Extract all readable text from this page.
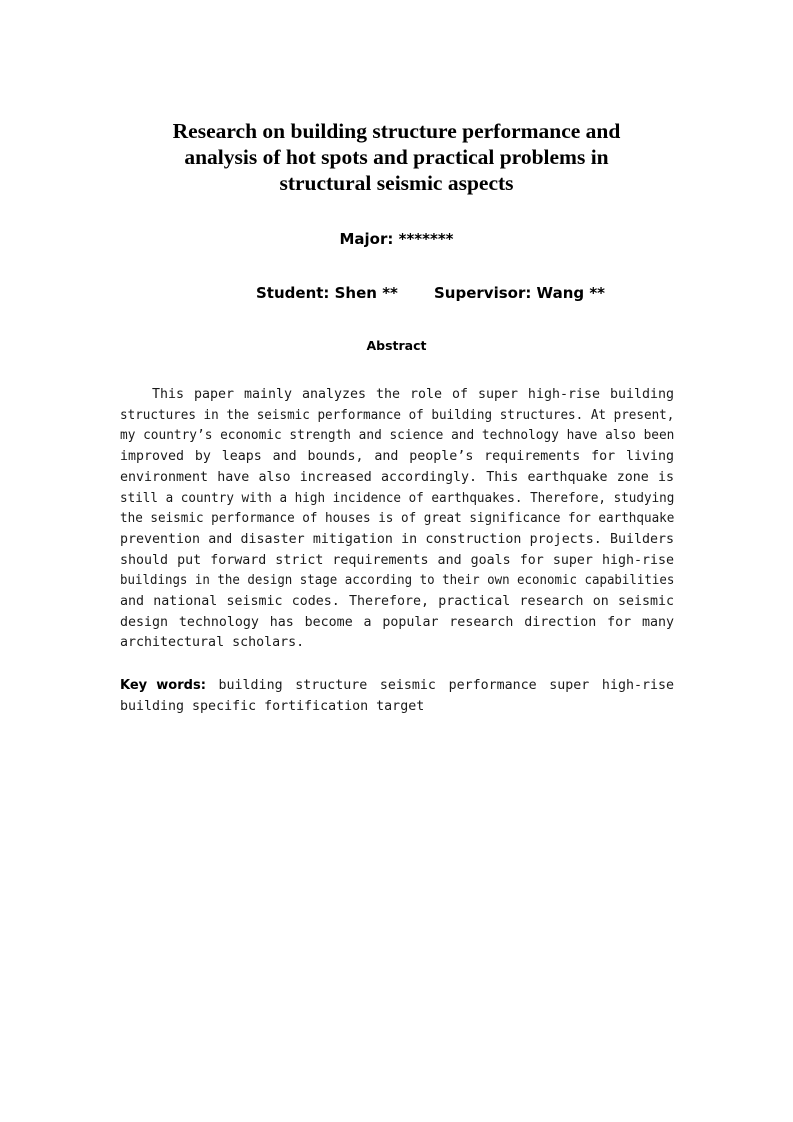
Research on building structure performance and
analysis of hot spots and practical problems in
structural seismic aspects
Major: *******
Student: Shen ** Supervisor: Wang **
Abstract
This paper mainly analyzes the role of super high-rise building
structures in the seismic performance of building structures. At present,
my country’s economic strength and science and technology have also been
improved by leaps and bounds, and people’s requirements for living
environment have also increased accordingly. This earthquake zone is
still a country with a high incidence of earthquakes. Therefore, studying
the seismic performance of houses is of great significance for earthquake
prevention and disaster mitigation in construction projects. Builders
should put forward strict requirements and goals for super high-rise
buildings in the design stage according to their own economic capabilities
and national seismic codes. Therefore, practical research on seismic
design technology has become a popular research direction for many
architectural scholars.
Key words: building structure seismic performance super high-rise
building specific fortification target
